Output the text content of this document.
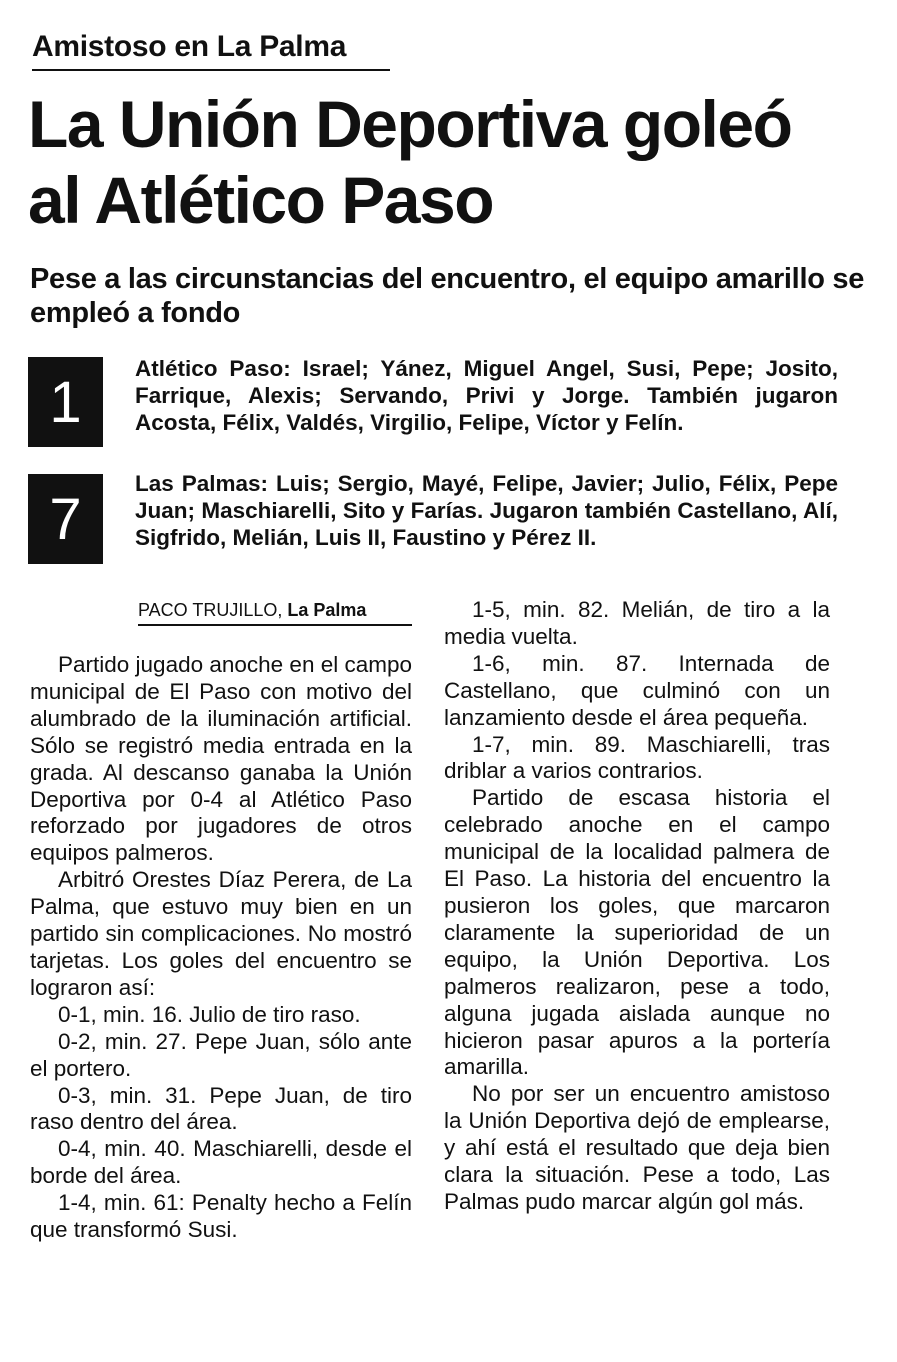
Amistoso en La Palma
La Unión Deportiva goleó
al Atlético Paso
Pese a las circunstancias del encuentro, el equipo amarillo se empleó a fondo
1

Atlético Paso: Israel; Yánez, Miguel Angel, Susi, Pepe; Josito, Farrique, Alexis; Servando, Privi y Jorge. También jugaron Acosta, Félix, Valdés, Virgilio, Felipe, Víctor y Felín.

7

Las Palmas: Luis; Sergio, Mayé, Felipe, Javier; Julio, Félix, Pepe Juan; Maschiarelli, Sito y Farías. Jugaron también Castellano, Alí, Sigfrido, Melián, Luis II, Faustino y Pérez II.

PACO TRUJILLO, La Palma

Partido jugado anoche en el campo municipal de El Paso con motivo del alumbrado de la iluminación artificial. Sólo se registró media entrada en la grada. Al descanso ganaba la Unión Deportiva por 0-4 al Atlético Paso reforzado por jugadores de otros equipos palmeros.

Arbitró Orestes Díaz Perera, de La Palma, que estuvo muy bien en un partido sin complicaciones. No mostró tarjetas. Los goles del encuentro se lograron así:

0-1, min. 16. Julio de tiro raso.

0-2, min. 27. Pepe Juan, sólo ante el portero.

0-3, min. 31. Pepe Juan, de tiro raso dentro del área.

0-4, min. 40. Maschiarelli, desde el borde del área.

1-4, min. 61: Penalty hecho a Felín que transformó Susi.

1-5, min. 82. Melián, de tiro a la media vuelta.

1-6, min. 87. Internada de Castellano, que culminó con un lanzamiento desde el área pequeña.

1-7, min. 89. Maschiarelli, tras driblar a varios contrarios.

Partido de escasa historia el celebrado anoche en el campo municipal de la localidad palmera de El Paso. La historia del encuentro la pusieron los goles, que marcaron claramente la superioridad de un equipo, la Unión Deportiva. Los palmeros realizaron, pese a todo, alguna jugada aislada aunque no hicieron pasar apuros a la portería amarilla.

No por ser un encuentro amistoso la Unión Deportiva dejó de emplearse, y ahí está el resultado que deja bien clara la situación. Pese a todo, Las Palmas pudo marcar algún gol más.
